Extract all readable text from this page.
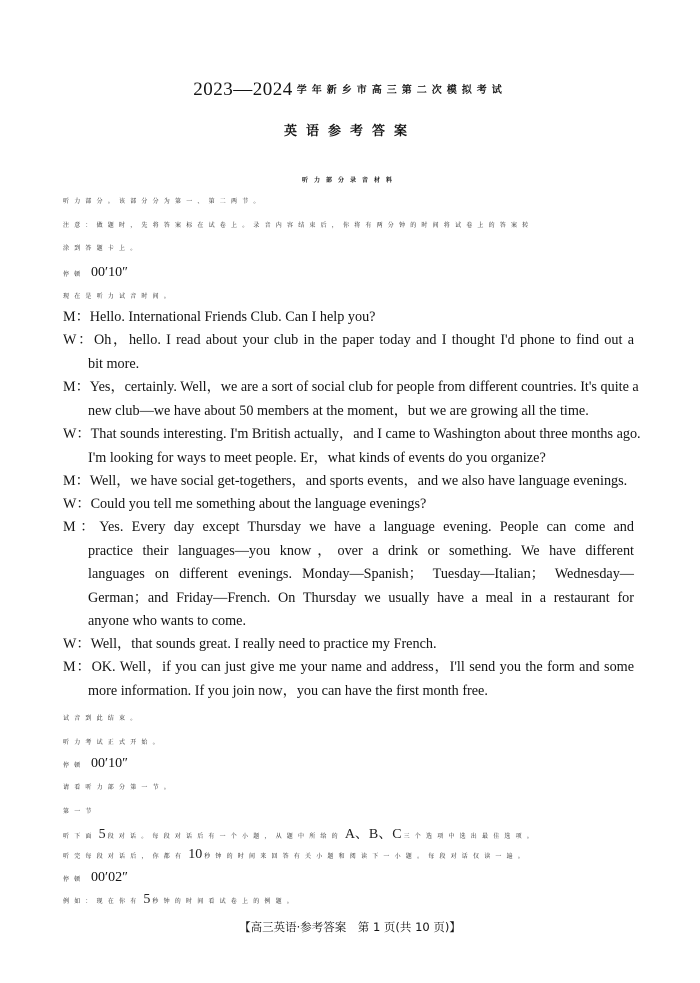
2023—2024 学年新乡市高三第二次模拟考试
英语参考答案
听力部分录音材料
听力部分。该部分分为第一、第二两节。
注意：做题时，先将答案标在试卷上。录音内容结束后，你将有两分钟的时间将试卷上的答案转
涂到答题卡上。
停顿 00′10″
现在是听力试音时间。
M：Hello. International Friends Club. Can I help you?
W：Oh，hello. I read about your club in the paper today and I thought I'd phone to find out a
bit more.
M：Yes，certainly. Well，we are a sort of social club for people from different countries. It's quite a
new club—we have about 50 members at the moment，but we are growing all the time.
W：That sounds interesting. I'm British actually，and I came to Washington about three months ago.
I'm looking for ways to meet people. Er，what kinds of events do you organize?
M：Well，we have social get-togethers，and sports events，and we also have language evenings.
W：Could you tell me something about the language evenings?
M：Yes. Every day except Thursday we have a language evening. People can come and
practice their languages—you know，over a drink or something. We have different
languages on different evenings. Monday—Spanish； Tuesday—Italian； Wednesday—
German；and Friday—French. On Thursday we usually have a meal in a restaurant for
anyone who wants to come.
W：Well，that sounds great. I really need to practice my French.
M：OK. Well，if you can just give me your name and address，I'll send you the form and some
more information. If you join now，you can have the first month free.
试音到此结束。
听力考试正式开始。
停顿 00′10″
请看听力部分第一节。
第一节
听下面 5 段对话。每段对话后有一个小题，从题中所给的 A、B、C 三个选项中选出最佳选项。
听完每段对话后，你都有 10 秒钟的时间来回答有关小题和阅读下一小题。每段对话仅读一遍。
停顿 00′02″
例如：现在你有 5 秒钟的时间看试卷上的例题。
【高三英语·参考答案　第 1 页(共 10 页)】
